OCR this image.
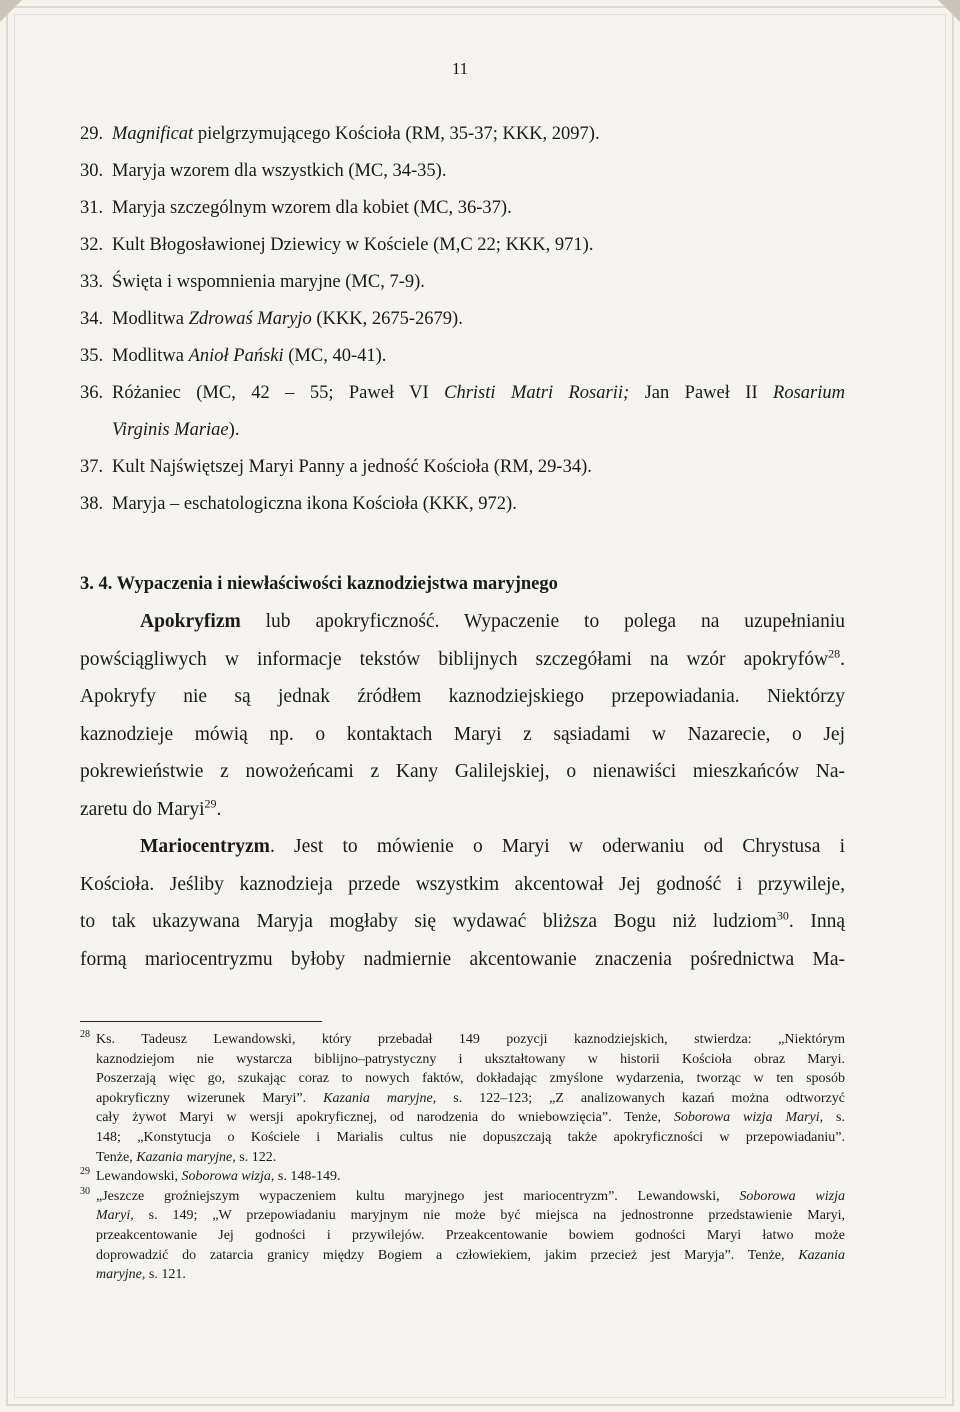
11
29. Magnificat pielgrzymującego Kościoła (RM, 35-37; KKK, 2097).
30. Maryja wzorem dla wszystkich (MC, 34-35).
31. Maryja szczególnym wzorem dla kobiet (MC, 36-37).
32. Kult Błogosławionej Dziewicy w Kościele (M,C 22; KKK, 971).
33. Święta i wspomnienia maryjne (MC, 7-9).
34. Modlitwa Zdrowaś Maryjo (KKK, 2675-2679).
35. Modlitwa Anioł Pański (MC, 40-41).
36. Różaniec (MC, 42 – 55; Paweł VI Christi Matri Rosarii; Jan Paweł II Rosarium
Virginis Mariae).
37. Kult Najświętszej Maryi Panny a jedność Kościoła (RM, 29-34).
38. Maryja – eschatologiczna ikona Kościoła (KKK, 972).
3. 4. Wypaczenia i niewłaściwości kaznodziejstwa maryjnego
Apokryfizm lub apokryficzność. Wypaczenie to polega na uzupełnianiu
powściągliwych w informacje tekstów biblijnych szczegółami na wzór apokryfów$^{28}$.
Apokryfy nie są jednak źródłem kaznodziejskiego przepowiadania. Niektórzy
kaznodzieje mówią np. o kontaktach Maryi z sąsiadami w Nazarecie, o Jej
pokrewieństwie z nowożeńcami z Kany Galilejskiej, o nienawiści mieszkańców Na-
zaretu do Maryi$^{29}$.
Mariocentryzm. Jest to mówienie o Maryi w oderwaniu od Chrystusa i
Kościoła. Jeśliby kaznodzieja przede wszystkim akcentował Jej godność i przywileje,
to tak ukazywana Maryja mogłaby się wydawać bliższa Bogu niż ludziom$^{30}$. Inną
formą mariocentryzmu byłoby nadmiernie akcentowanie znaczenia pośrednictwa Ma-
28 Ks. Tadeusz Lewandowski, który przebadał 149 pozycji kaznodziejskich, stwierdza: „Niektórym
kaznodziejom nie wystarcza biblijno–patrystyczny i ukształtowany w historii Kościoła obraz Maryi.
Poszerzają więc go, szukając coraz to nowych faktów, dokładając zmyślone wydarzenia, tworząc w ten sposób
apokryficzny wizerunek Maryi”. Kazania maryjne, s. 122–123; „Z analizowanych kazań można odtworzyć
cały żywot Maryi w wersji apokryficznej, od narodzenia do wniebowzięcia”. Tenże, Soborowa wizja Maryi, s.
148; „Konstytucja o Kościele i Marialis cultus nie dopuszczają także apokryficzności w przepowiadaniu”.
Tenże, Kazania maryjne, s. 122.
29 Lewandowski, Soborowa wizja, s. 148-149.
30 „Jeszcze groźniejszym wypaczeniem kultu maryjnego jest mariocentryzm”. Lewandowski, Soborowa wizja
Maryi, s. 149; „W przepowiadaniu maryjnym nie może być miejsca na jednostronne przedstawienie Maryi,
przeakcentowanie Jej godności i przywilejów. Przeakcentowanie bowiem godności Maryi łatwo może
doprowadzić do zatarcia granicy między Bogiem a człowiekiem, jakim przecież jest Maryja”. Tenże, Kazania
maryjne, s. 121.
